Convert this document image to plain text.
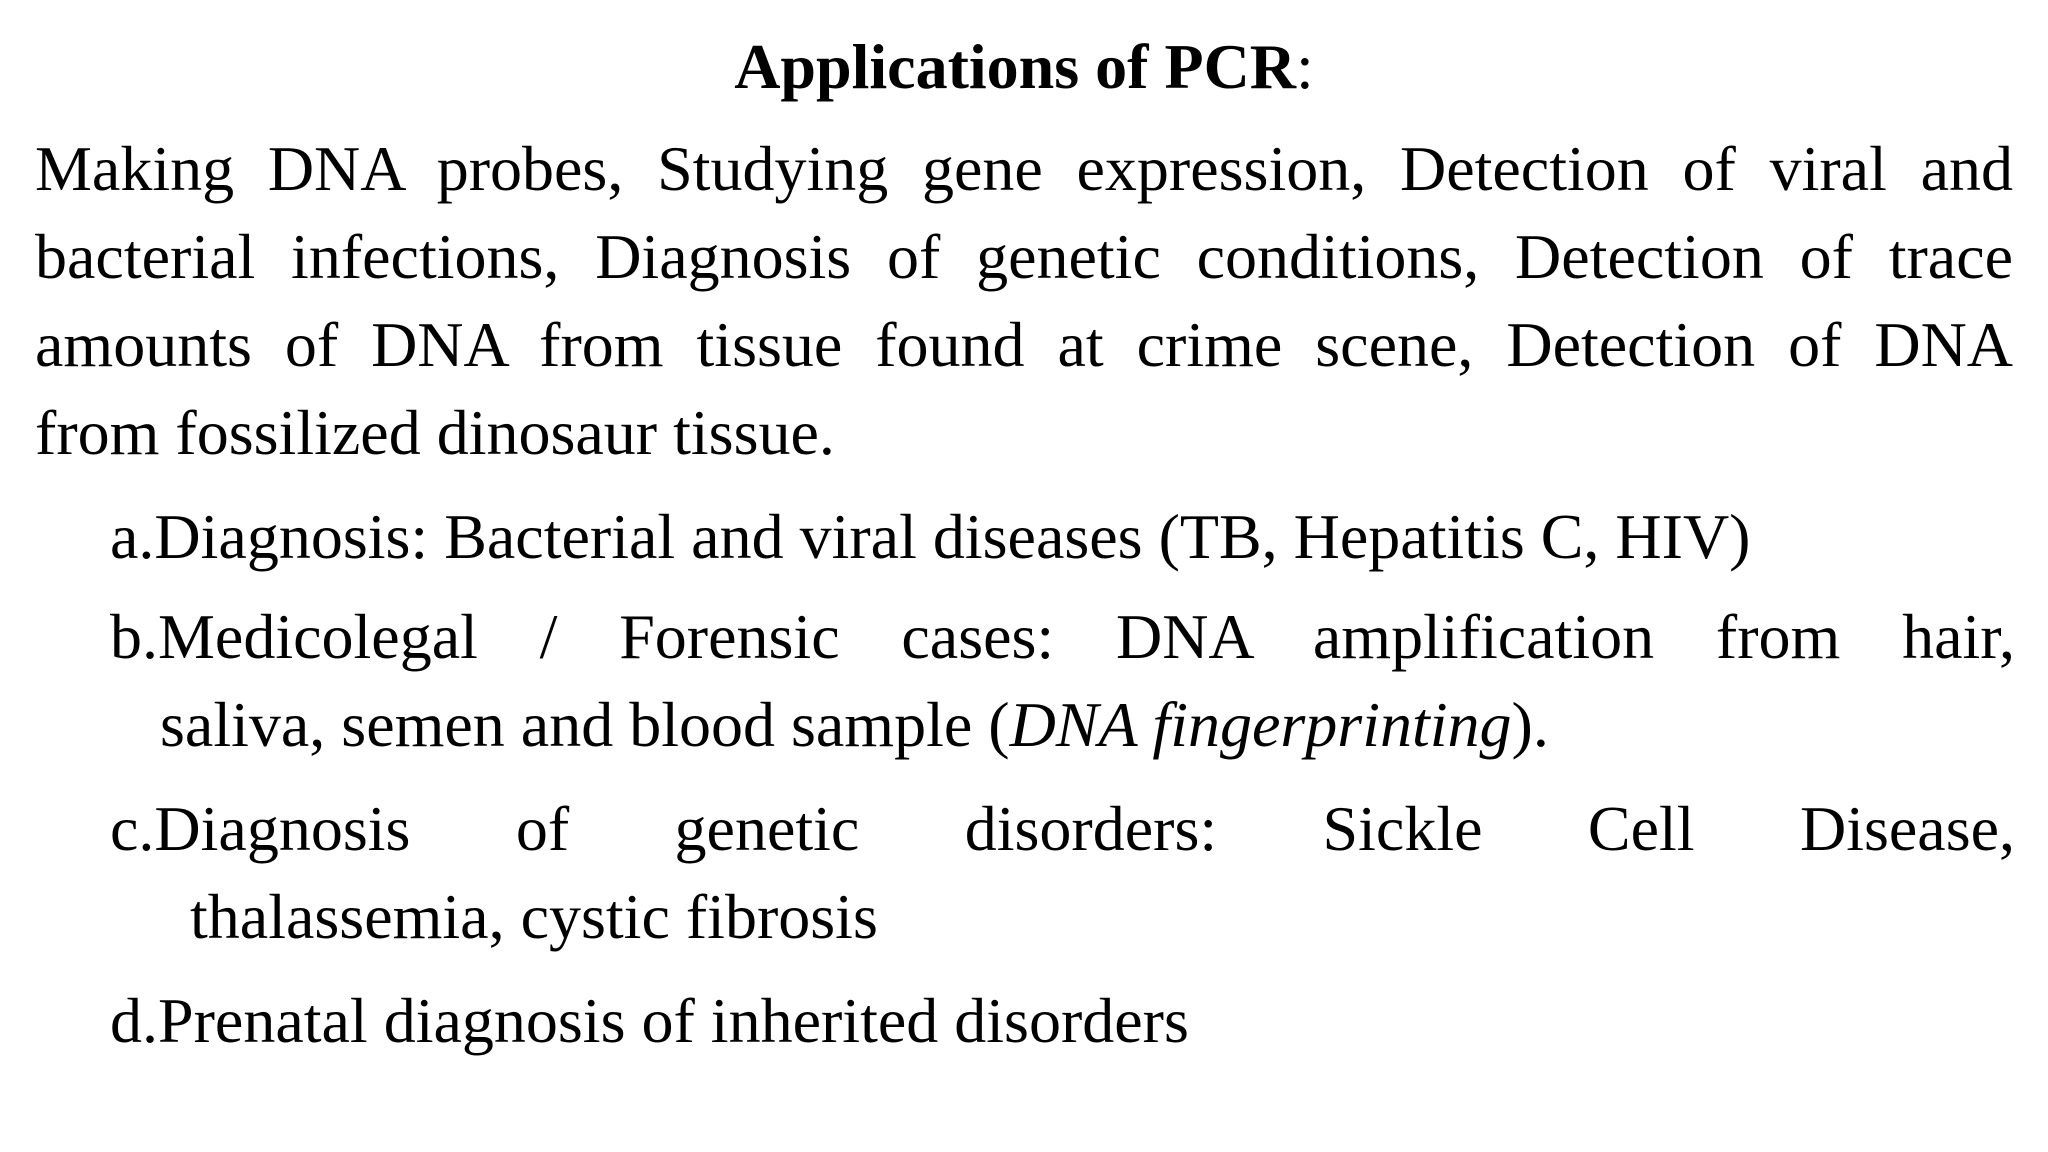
Applications of PCR:
Making DNA probes, Studying gene expression, Detection of viral and
bacterial infections, Diagnosis of genetic conditions, Detection of trace
amounts of DNA from tissue found at crime scene, Detection of DNA
from fossilized dinosaur tissue.
a.Diagnosis: Bacterial and viral diseases (TB, Hepatitis C, HIV)
b.Medicolegal / Forensic cases: DNA amplification from hair,
saliva, semen and blood sample (DNA fingerprinting).
c.Diagnosis of genetic disorders: Sickle Cell Disease,
thalassemia, cystic fibrosis
d.Prenatal diagnosis of inherited disorders
